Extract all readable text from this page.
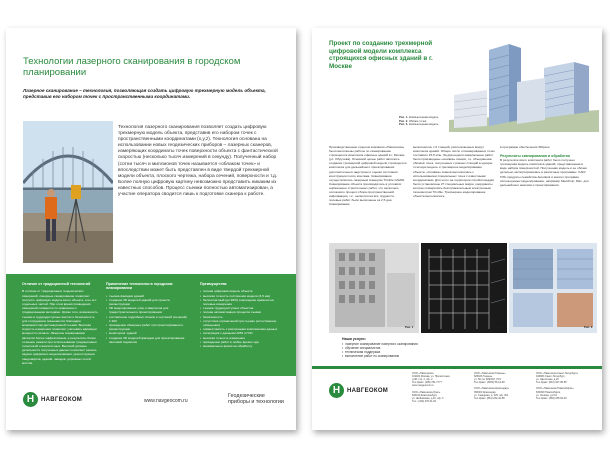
Технологии лазерного сканирования в городском планировании
Лазерное сканирование – технология, позволяющая создать цифровую трехмерную модель объекта, представив его набором точек с пространственными координатами.
Технология лазерного сканирования позволяет создать цифровую трехмерную модель объекта, представив его набором точек с пространственными координатами (x,y,z). Технология основана на использовании новых геодезических приборов – лазерных сканеров, измеряющих координаты точек поверхности объекта с фантастической скоростью (несколько тысяч измерений в секунду). Полученный набор (сотни тысяч и миллионов точек называется «облаком точек» и впоследствии может быть представлен в виде твердой трехмерной модели объекта, плоского чертежа, набора сечений, поверхности и т.д. Более полную цифровую картину невозможно представить никаким из известных способов. Процесс съемки полностью автоматизирован, а участие оператора сводится лишь к подготовке сканера к работе.
Отличие от традиционной технологий
В отличие от традиционных геодезических измерений, лазерные сканирование позволяет получить цифровую модель всего объекта, а не его отдельных частей. При этом время проведения измерений снижается по сравнению с традиционными методами. Кроме того, возможность съемки в труднодоступных местах и безопасность для сотрудников повышаются благодаря возможностям дистанционной съемки. Высокая скорость измерения позволяет учитывать вариации мощности сигнала. Лазерное сканирование является более эффективным, а результаты более точными, нежели при использовании традиционных технологий и аналогичных. Высокий уровень детальности полученных данных позволяет решать задачи цифрового моделирования, реконструкции ландшафтов, зданий, заводов, дорожных сетей, мостов.
Применение технологии в городском планировании
• съемка фасадов зданий
• создание 3D моделей зданий для проекта реконструкции
• 3D моделирование улиц и кварталов для градостроительного проектирования
• составление подробных планов и чертежей (сечений) 1:100
• проведение обмерных работ при проектировании и реконструкции
• мониторинг зданий
• создание 3D моделей фасадов для проектирования световой подсветки
Преимущества
• полная цифровая модель объекта
• высокая точность построения модели (3-5 мм)
• бесконтактный (до 99%) сокращение времени на полевые измерения
• съемка труднодоступных объектов
• полная автоматизация процесса съемки
• безопасность
• отсутствие ограничений при съемке (естественное освещение)
• совместимость с различными комплексами данных
• интеграция с данными АРМ и ГИС
• высокая точность измерения
• проведение работ в любое время года
• минимальное время на обработку
Н	НАВГЕОКОМ	www.navgeocom.ru
Геодезические приборы и технологии
Проект по созданию трехмерной цифровой модели комплекса строящихся офисных зданий в г. Москве
Рис. 1. Компьютерная модель
Рис. 2. Облако точек
Рис. 3. Компьютерная модель
Производственным отделом компании «Навгеоком» были выполнены работы по сканированию строящегося комплекса офисных зданий в г. Москве (ул. Обручева). Основной целью работ являлось создание трехмерной цифровой модели строящегося комплекса для дальнейшего проектирования дополнительных надстроек и оценки состояния конструкции после монтажа. Сканирование осуществлялось лазерным сканером Trimble GS200. Сканирование объекта производилось в условиях нормальных строительных работ, что несколько осложнило процесс сбора пространственной информации, т.к., несмотря на все трудности, полевые работ были выполнены за 2,5 дня. Сканирование
выполнялось с 6 станций, расположенных вокруг комплекса зданий. Общее число отсканированных точек составило 15,5 млн. За два недели камеральные работ были произведены «сшивка» сканов, т.е. объединение облаков точек, полученных с разных станций в единую точечную модель и трехмерное моделирование объекта. «Сшивка» сканов выполнялась с использованием специальных точек с известными координатами. Для этого на территории стройплощадки были установлены 27 специальных марок, координаты которых измерялись безотражательным электронным тахеометром Trimble. Трехмерное моделирование объекта выполнялось
в программе обеспечения 3Dipsos.
Результаты сканирования и обработки
В результате всего комплекса работ было получено трехмерная модель комплекса зданий, представленная в виде набора поверхностей. Полученная модель и ее облако детально экспортировалась в различные программы. CAD/ГИС-продукты семейства Autodesk и многих программ, используемых моделирование, например SketchUp, Max, для дальнейшего анализа и проектирования.
Рис. 1	Рис. 2	Рис. 3
Наши услуги:
• лазерное сканирование лазерного сканирования
• обучение специалистов
• техническая поддержка
• выполнение работ по сканированию
Н	НАВГЕОКОМ
ООО «Навгеоком»
119034 Москва, ул. Пречистенка
д.38, стр. 2, оф. 2
Тел./факс: (495) 781-7777
www.navgeocom.ru

ООО «Навгеоком-Урал»
620014 Екатеринбург,
ул. Шейнкмана, д.10, оф. 3
Тел.: (343) 278-41-81
ООО «Навгеоком-Тюмень»
625026 Тюмень,
ул. 50 лет ВЛКСМ, 37/1
Тел./факс: (3452) 56-14-99

ООО «Навгеоком-Краснодар»
350000 Краснодар,
ул. Северная, д. 325, оф. 301
Тел./факс: (861) 262-42-58
ООО «Навгеоком-Санкт-Петербург»
196084 Санкт-Петербург,
ул. Цветочная, д.16
Тел./факс: (812) 327-95-55

ООО «Навгеоком-Новосибирск»
630099 Новосибирск,
ул. Ленина, д.21/1
Тел./факс: (383) 335-64-45
